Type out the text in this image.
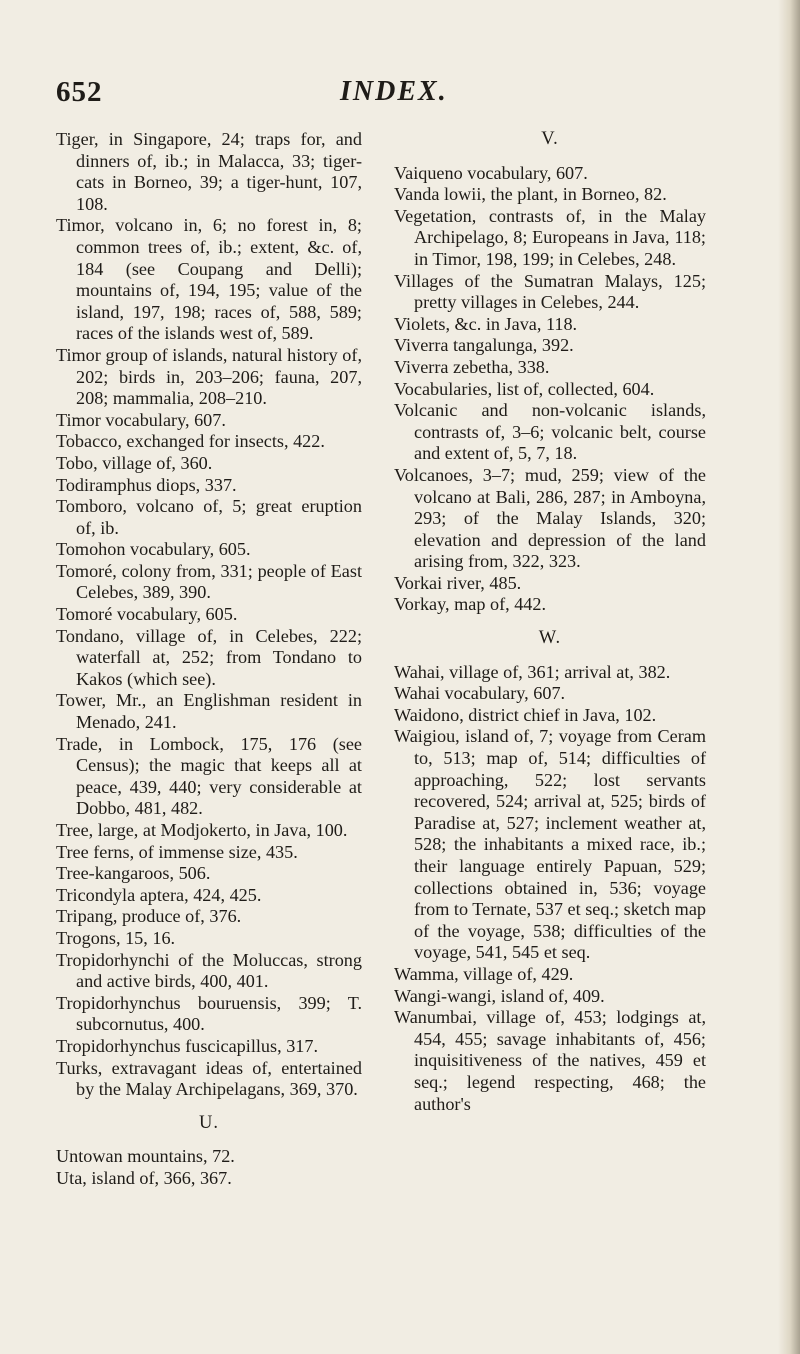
652	INDEX.

Tiger, in Singapore, 24; traps for, and dinners of, ib.; in Malacca, 33; tiger-cats in Borneo, 39; a tiger-hunt, 107, 108.

Timor, volcano in, 6; no forest in, 8; common trees of, ib.; extent, &c. of, 184 (see Coupang and Delli); mountains of, 194, 195; value of the island, 197, 198; races of, 588, 589; races of the islands west of, 589.

Timor group of islands, natural history of, 202; birds in, 203–206; fauna, 207, 208; mammalia, 208–210.

Timor vocabulary, 607.

Tobacco, exchanged for insects, 422.

Tobo, village of, 360.

Todiramphus diops, 337.

Tomboro, volcano of, 5; great eruption of, ib.

Tomohon vocabulary, 605.

Tomoré, colony from, 331; people of East Celebes, 389, 390.

Tomoré vocabulary, 605.

Tondano, village of, in Celebes, 222; waterfall at, 252; from Tondano to Kakos (which see).

Tower, Mr., an Englishman resident in Menado, 241.

Trade, in Lombock, 175, 176 (see Census); the magic that keeps all at peace, 439, 440; very considerable at Dobbo, 481, 482.

Tree, large, at Modjokerto, in Java, 100.

Tree ferns, of immense size, 435.

Tree-kangaroos, 506.

Tricondyla aptera, 424, 425.

Tripang, produce of, 376.

Trogons, 15, 16.

Tropidorhynchi of the Moluccas, strong and active birds, 400, 401.

Tropidorhynchus bouruensis, 399; T. subcornutus, 400.

Tropidorhynchus fuscicapillus, 317.

Turks, extravagant ideas of, entertained by the Malay Archipelagans, 369, 370.

U.

Untowan mountains, 72.

Uta, island of, 366, 367.

V.

Vaiqueno vocabulary, 607.

Vanda lowii, the plant, in Borneo, 82.

Vegetation, contrasts of, in the Malay Archipelago, 8; Europeans in Java, 118; in Timor, 198, 199; in Celebes, 248.

Villages of the Sumatran Malays, 125; pretty villages in Celebes, 244.

Violets, &c. in Java, 118.

Viverra tangalunga, 392.

Viverra zebetha, 338.

Vocabularies, list of, collected, 604.

Volcanic and non-volcanic islands, contrasts of, 3–6; volcanic belt, course and extent of, 5, 7, 18.

Volcanoes, 3–7; mud, 259; view of the volcano at Bali, 286, 287; in Amboyna, 293; of the Malay Islands, 320; elevation and depression of the land arising from, 322, 323.

Vorkai river, 485.

Vorkay, map of, 442.

W.

Wahai, village of, 361; arrival at, 382.

Wahai vocabulary, 607.

Waidono, district chief in Java, 102.

Waigiou, island of, 7; voyage from Ceram to, 513; map of, 514; difficulties of approaching, 522; lost servants recovered, 524; arrival at, 525; birds of Paradise at, 527; inclement weather at, 528; the inhabitants a mixed race, ib.; their language entirely Papuan, 529; collections obtained in, 536; voyage from to Ternate, 537 et seq.; sketch map of the voyage, 538; difficulties of the voyage, 541, 545 et seq.

Wamma, village of, 429.

Wangi-wangi, island of, 409.

Wanumbai, village of, 453; lodgings at, 454, 455; savage inhabitants of, 456; inquisitiveness of the natives, 459 et seq.; legend respecting, 468; the author's
